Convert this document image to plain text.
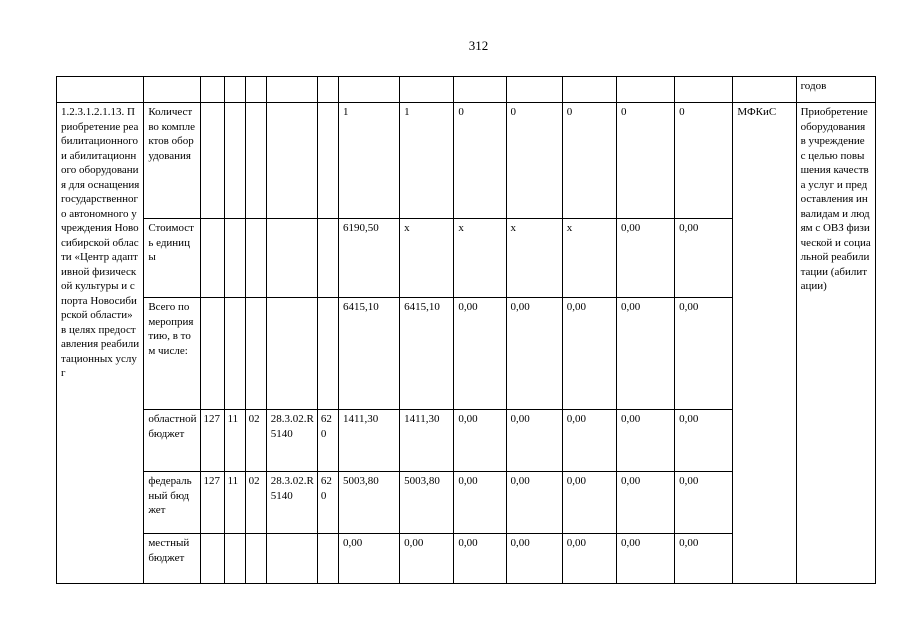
312
															годов
1.2.3.1.2.1.13. Приобретение реабилитационного и абилитационного оборудования для оснащения государственного автономного учреждения Новосибирской области «Центр адаптивной физической культуры и спорта Новосибирской области» в целях предоставления реабилитационных услуг	Количество комплектов оборудования						1	1	0	0	0	0	0	МФКиС	Приобретение оборудования в учреждение с целью повышения качества услуг и предоставления инвалидам и людям с ОВЗ физической и социальной реабилитации (абилитации)
	Стоимость единицы						6190,50	x	x	x	x	0,00	0,00		
	Всего по мероприятию, в том числе:						6415,10	6415,10	0,00	0,00	0,00	0,00	0,00		
	областной бюджет	127	11	02	28.3.02.R5140	620	1411,30	1411,30	0,00	0,00	0,00	0,00	0,00		
	федеральный бюджет	127	11	02	28.3.02.R5140	620	5003,80	5003,80	0,00	0,00	0,00	0,00	0,00		
	местный бюджет						0,00	0,00	0,00	0,00	0,00	0,00	0,00		
